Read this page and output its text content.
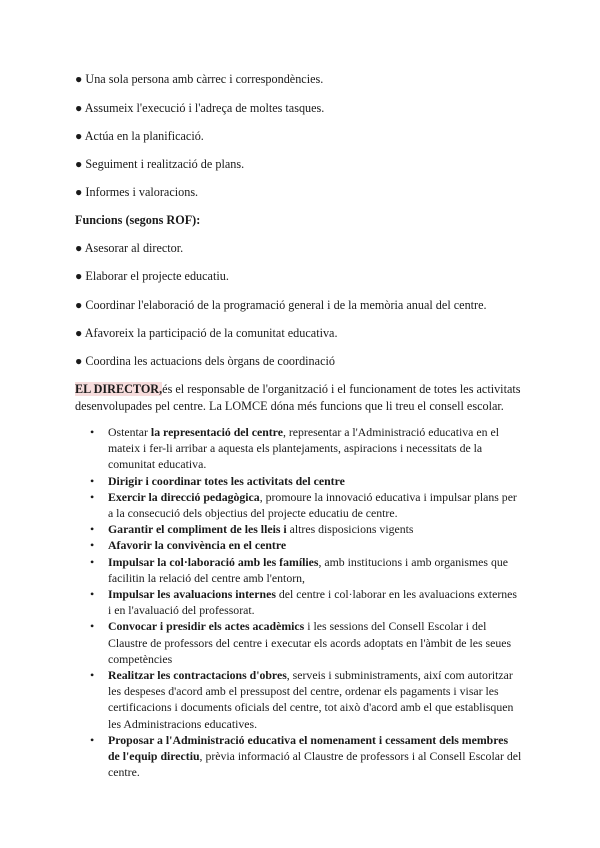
● Una sola persona amb càrrec i correspondències.
● Assumeix l'execució i l'adreça de moltes tasques.
● Actúa en la planificació.
● Seguiment i realització de plans.
● Informes i valoracions.
Funcions (segons ROF):
● Asesorar al director.
● Elaborar el projecte educatiu.
● Coordinar l'elaboració de la programació general i de la memòria anual del centre.
● Afavoreix la participació de la comunitat educativa.
● Coordina les actuacions dels òrgans de coordinació
EL DIRECTOR,és el responsable de l'organització i el funcionament de totes les activitats desenvolupades pel centre. La LOMCE dóna més funcions que li treu el consell escolar.
• Ostentar la representació del centre, representar a l'Administració educativa en el mateix i fer-li arribar a aquesta els plantejaments, aspiracions i necessitats de la comunitat educativa.
• Dirigir i coordinar totes les activitats del centre
• Exercir la direcció pedagògica, promoure la innovació educativa i impulsar plans per a la consecució dels objectius del projecte educatiu de centre.
• Garantir el compliment de les lleis i altres disposicions vigents
• Afavorir la convivència en el centre
• Impulsar la col·laboració amb les famílies, amb institucions i amb organismes que facilitin la relació del centre amb l'entorn,
• Impulsar les avaluacions internes del centre i col·laborar en les avaluacions externes i en l'avaluació del professorat.
• Convocar i presidir els actes acadèmics i les sessions del Consell Escolar i del Claustre de professors del centre i executar els acords adoptats en l'àmbit de les seues competències
• Realitzar les contractacions d'obres, serveis i subministraments, així com autoritzar les despeses d'acord amb el pressupost del centre, ordenar els pagaments i visar les certificacions i documents oficials del centre, tot això d'acord amb el que establisquen les Administracions educatives.
• Proposar a l'Administració educativa el nomenament i cessament dels membres de l'equip directiu, prèvia informació al Claustre de professors i al Consell Escolar del centre.
